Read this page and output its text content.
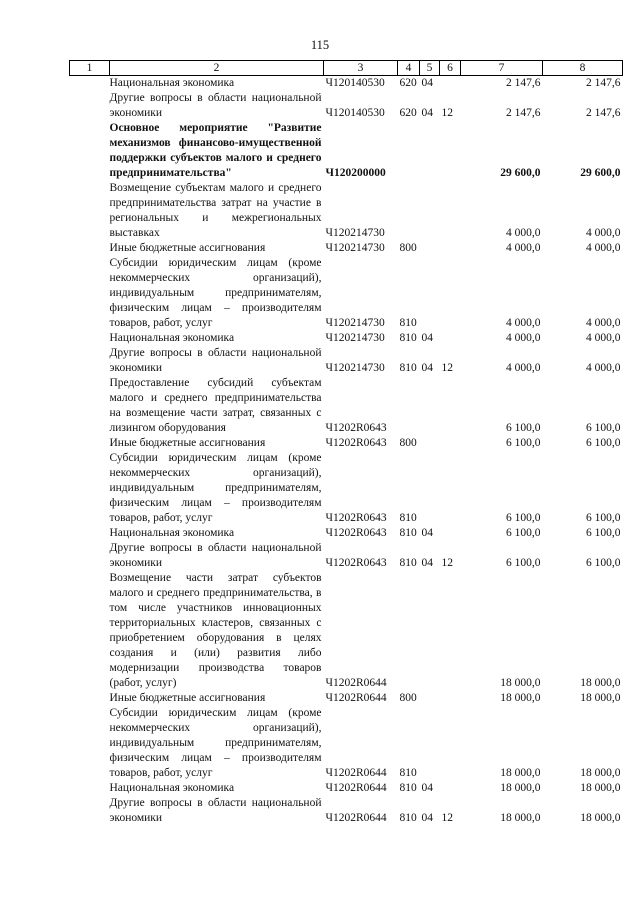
115
1	2	3	4	5	6	7	8
	Национальная экономика	Ч120140530	620	04		2 147,6	2 147,6
	Другие вопросы в области национальной экономики	Ч120140530	620	04	12	2 147,6	2 147,6
	Основное мероприятие "Развитие механизмов финансово-имущественной поддержки субъектов малого и среднего предпринимательства"	Ч120200000				29 600,0	29 600,0
	Возмещение субъектам малого и среднего предпринимательства затрат на участие в региональных и межрегиональных выставках	Ч120214730				4 000,0	4 000,0
	Иные бюджетные ассигнования	Ч120214730	800			4 000,0	4 000,0
	Субсидии юридическим лицам (кроме некоммерческих организаций), индивидуальным предпринимателям, физическим лицам – производителям товаров, работ, услуг	Ч120214730	810			4 000,0	4 000,0
	Национальная экономика	Ч120214730	810	04		4 000,0	4 000,0
	Другие вопросы в области национальной экономики	Ч120214730	810	04	12	4 000,0	4 000,0
	Предоставление субсидий субъектам малого и среднего предпринимательства на возмещение части затрат, связанных с лизингом оборудования	Ч1202R0643				6 100,0	6 100,0
	Иные бюджетные ассигнования	Ч1202R0643	800			6 100,0	6 100,0
	Субсидии юридическим лицам (кроме некоммерческих организаций), индивидуальным предпринимателям, физическим лицам – производителям товаров, работ, услуг	Ч1202R0643	810			6 100,0	6 100,0
	Национальная экономика	Ч1202R0643	810	04		6 100,0	6 100,0
	Другие вопросы в области национальной экономики	Ч1202R0643	810	04	12	6 100,0	6 100,0
	Возмещение части затрат субъектов малого и среднего предпринимательства, в том числе участников инновационных территориальных кластеров, связанных с приобретением оборудования в целях создания и (или) развития либо модернизации производства товаров (работ, услуг)	Ч1202R0644				18 000,0	18 000,0
	Иные бюджетные ассигнования	Ч1202R0644	800			18 000,0	18 000,0
	Субсидии юридическим лицам (кроме некоммерческих организаций), индивидуальным предпринимателям, физическим лицам – производителям товаров, работ, услуг	Ч1202R0644	810			18 000,0	18 000,0
	Национальная экономика	Ч1202R0644	810	04		18 000,0	18 000,0
	Другие вопросы в области национальной экономики	Ч1202R0644	810	04	12	18 000,0	18 000,0
